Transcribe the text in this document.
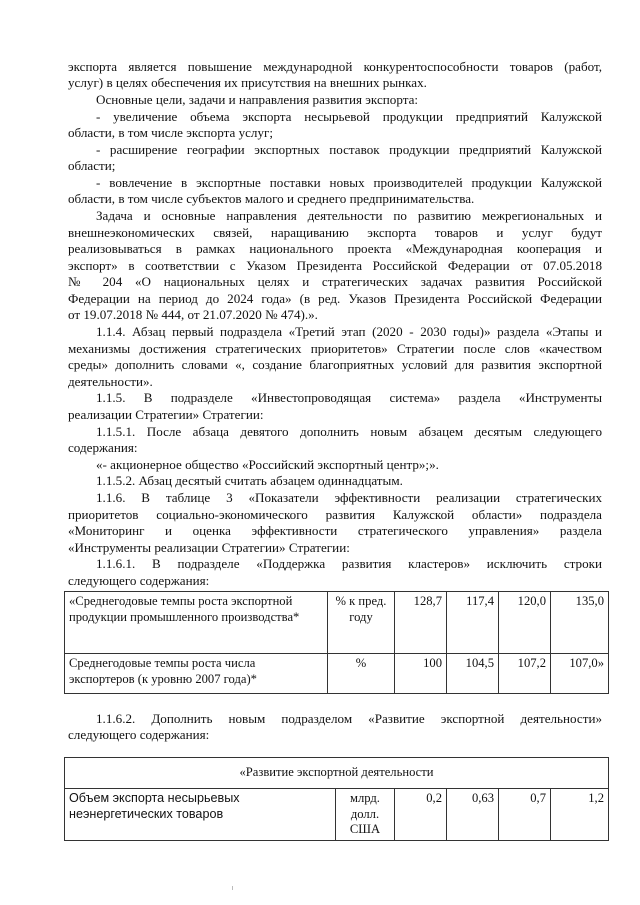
экспорта является повышение международной конкурентоспособности товаров (работ,

услуг) в целях обеспечения их присутствия на внешних рынках.

Основные цели, задачи и направления развития экспорта:

- увеличение объема экспорта несырьевой продукции предприятий Калужской

области, в том числе экспорта услуг;

- расширение географии экспортных поставок продукции предприятий Калужской

области;

- вовлечение в экспортные поставки новых производителей продукции Калужской

области, в том числе субъектов малого и среднего предпринимательства.

Задача и основные направления деятельности по развитию межрегиональных и

внешнеэкономических связей, наращиванию экспорта товаров и услуг будут

реализовываться в рамках национального проекта «Международная кооперация и

экспорт» в соответствии с Указом Президента Российской Федерации от 07.05.2018

№ 204 «О национальных целях и стратегических задачах развития Российской

Федерации на период до 2024 года» (в ред. Указов Президента Российской Федерации

от 19.07.2018 № 444, от 21.07.2020 № 474).».

1.1.4. Абзац первый подраздела «Третий этап (2020 - 2030 годы)» раздела «Этапы и

механизмы достижения стратегических приоритетов» Стратегии после слов «качеством

среды» дополнить словами «, создание благоприятных условий для развития экспортной

деятельности».

1.1.5. В подразделе «Инвестопроводящая система» раздела «Инструменты

реализации Стратегии» Стратегии:

1.1.5.1. После абзаца девятого дополнить новым абзацем десятым следующего

содержания:

«- акционерное общество «Российский экспортный центр»;».

1.1.5.2. Абзац десятый считать абзацем одиннадцатым.

1.1.6. В таблице 3 «Показатели эффективности реализации стратегических

приоритетов социально-экономического развития Калужской области» подраздела

«Мониторинг и оценка эффективности стратегического управления» раздела

«Инструменты реализации Стратегии» Стратегии:

1.1.6.1. В подразделе «Поддержка развития кластеров» исключить строки

следующего содержания:

«Среднегодовые темпы роста экспортной продукции промышленного производства*	% к пред. году	128,7	117,4	120,0	135,0
Среднегодовые темпы роста числа экспортеров (к уровню 2007 года)*	%	100	104,5	107,2	107,0»

1.1.6.2. Дополнить новым подразделом «Развитие экспортной деятельности»

следующего содержания:

«Развитие экспортной деятельности
Объем экспорта несырьевых неэнергетических товаров	млрд. долл. США	0,2	0,63	0,7	1,2
